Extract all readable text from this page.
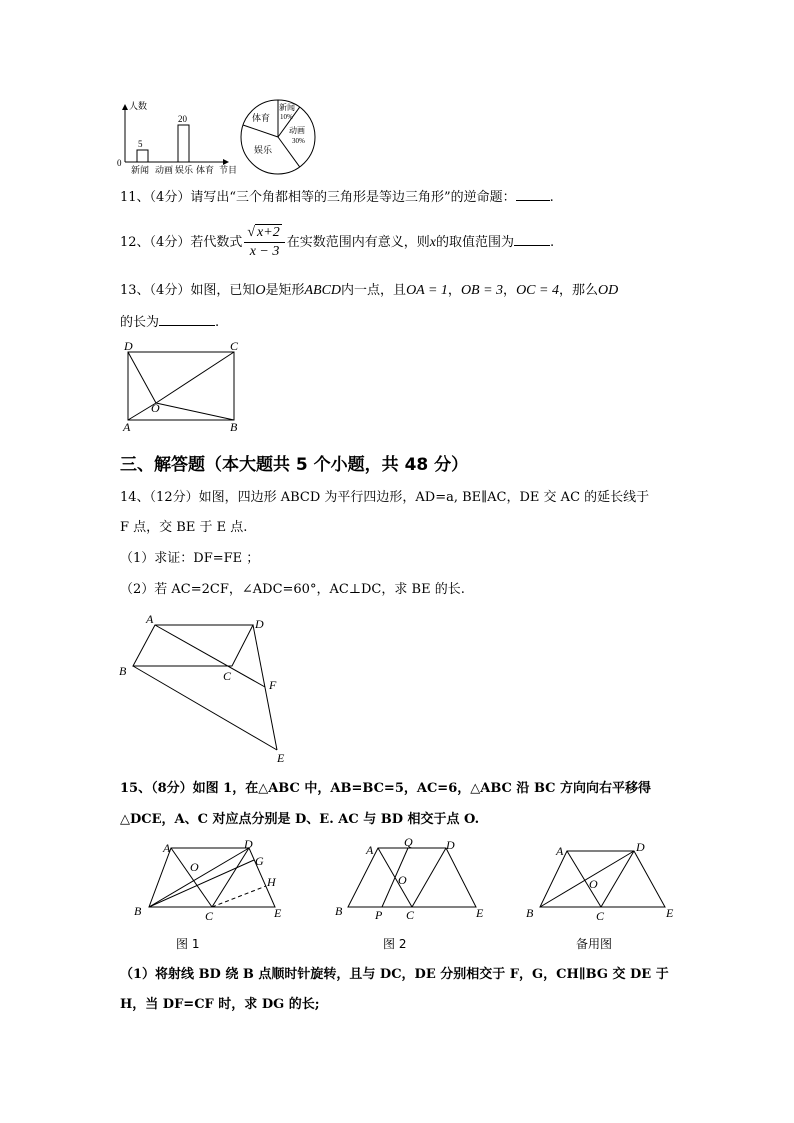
人数
5
20
0
新闻 动画 娱乐 体育 节目
新闻
10%
动画
30%
娱乐
体育
11、（4分）请写出“三个角都相等的三角形是等边三角形”的逆命题：	.
12、（4分）若代数式 $\frac{√ x+2}{x - 3}$ 在实数范围内有意义，则x的取值范围为	.
13、（4分）如图，已知O是矩形ABCD内一点，且OA = 1，OB = 3，OC = 4，那么OD
的长为	.
D	C
A	B
O
三、解答题（本大题共 5 个小题，共 48 分）
14、（12分）如图，四边形 ABCD 为平行四边形，AD=a, BE∥AC，DE 交 AC 的延长线于
F 点，交 BE 于 E 点.
（1）求证：DF=FE ；
（2）若 AC=2CF，∠ADC=60°，AC⊥DC，求 BE 的长.
A	D
B	C
F
E
15、（8分）如图 1，在△ABC 中，AB=BC=5，AC=6，△ABC 沿 BC 方向向右平移得
△DCE，A、C 对应点分别是 D、E. AC 与 BD 相交于点 O.
A	D
G
H
O
B	C	E
图 1
A
Q	D
O
B	P C	E
图 2
A	D
O
B	C	E
备用图
（1）将射线 BD 绕 B 点顺时针旋转，且与 DC，DE 分别相交于 F，G，CH∥BG 交 DE 于
H，当 DF=CF 时，求 DG 的长;
